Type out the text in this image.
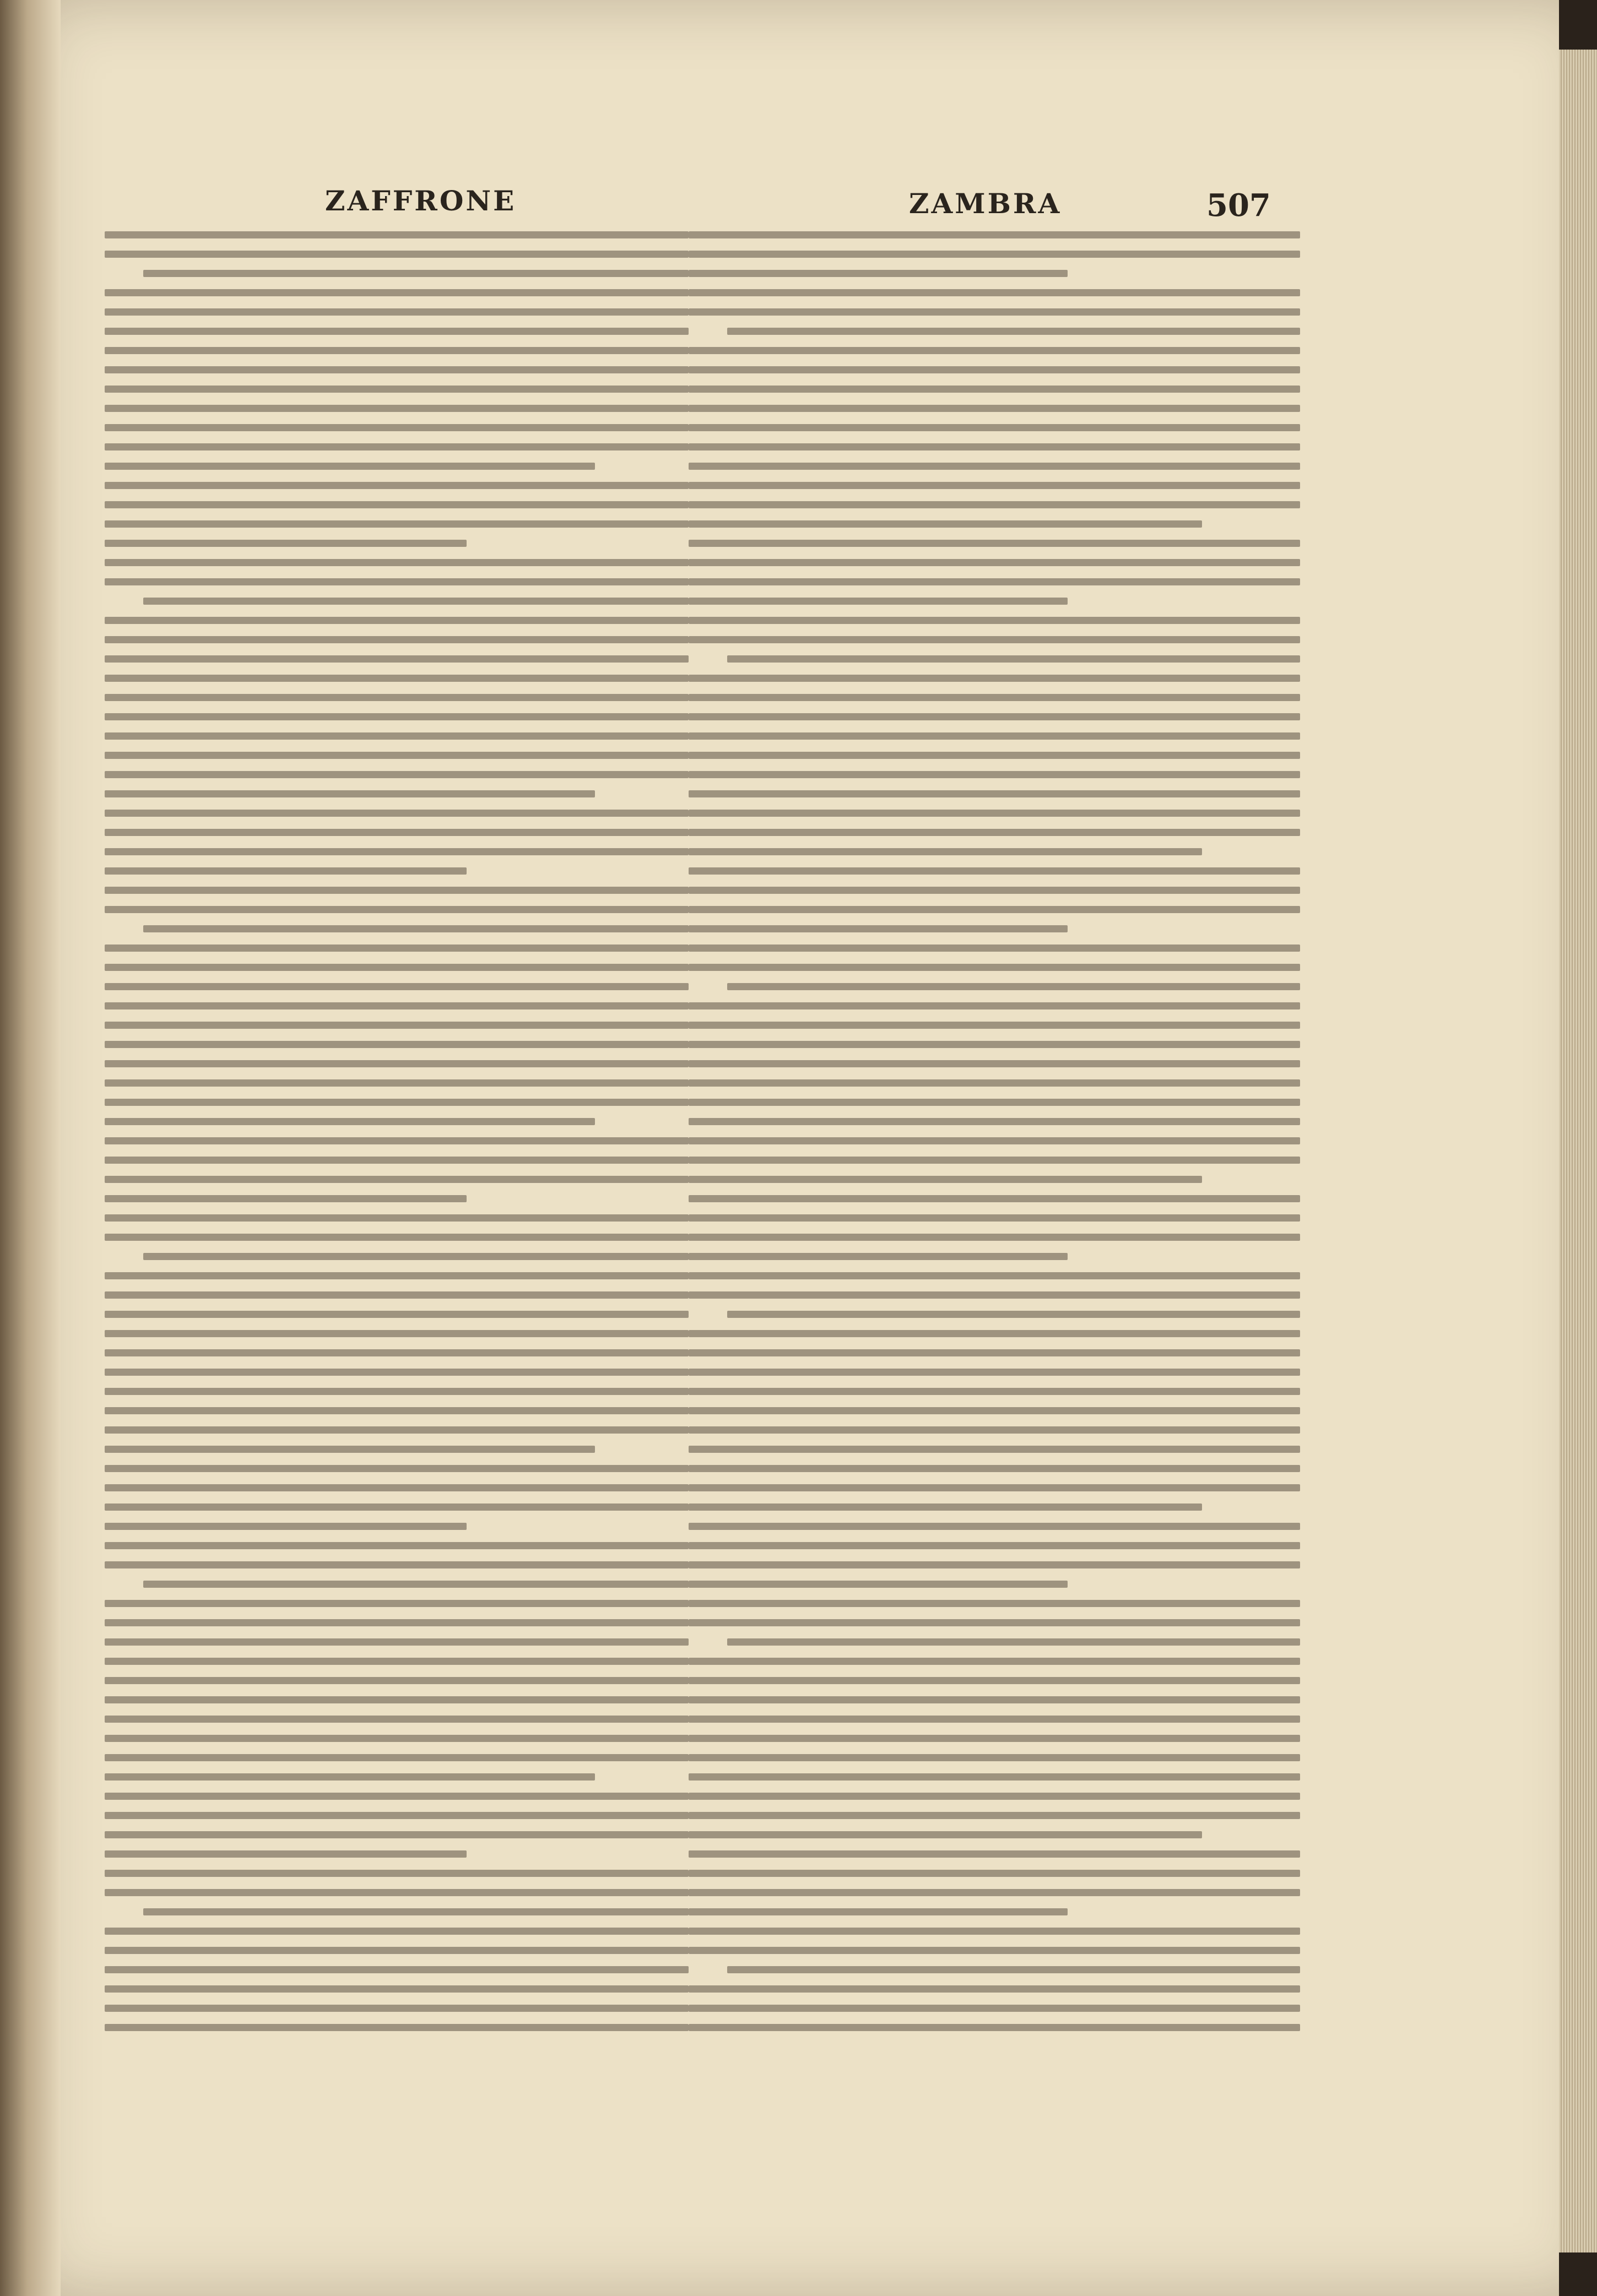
ZAFFRONE	ZAMBRA	507
